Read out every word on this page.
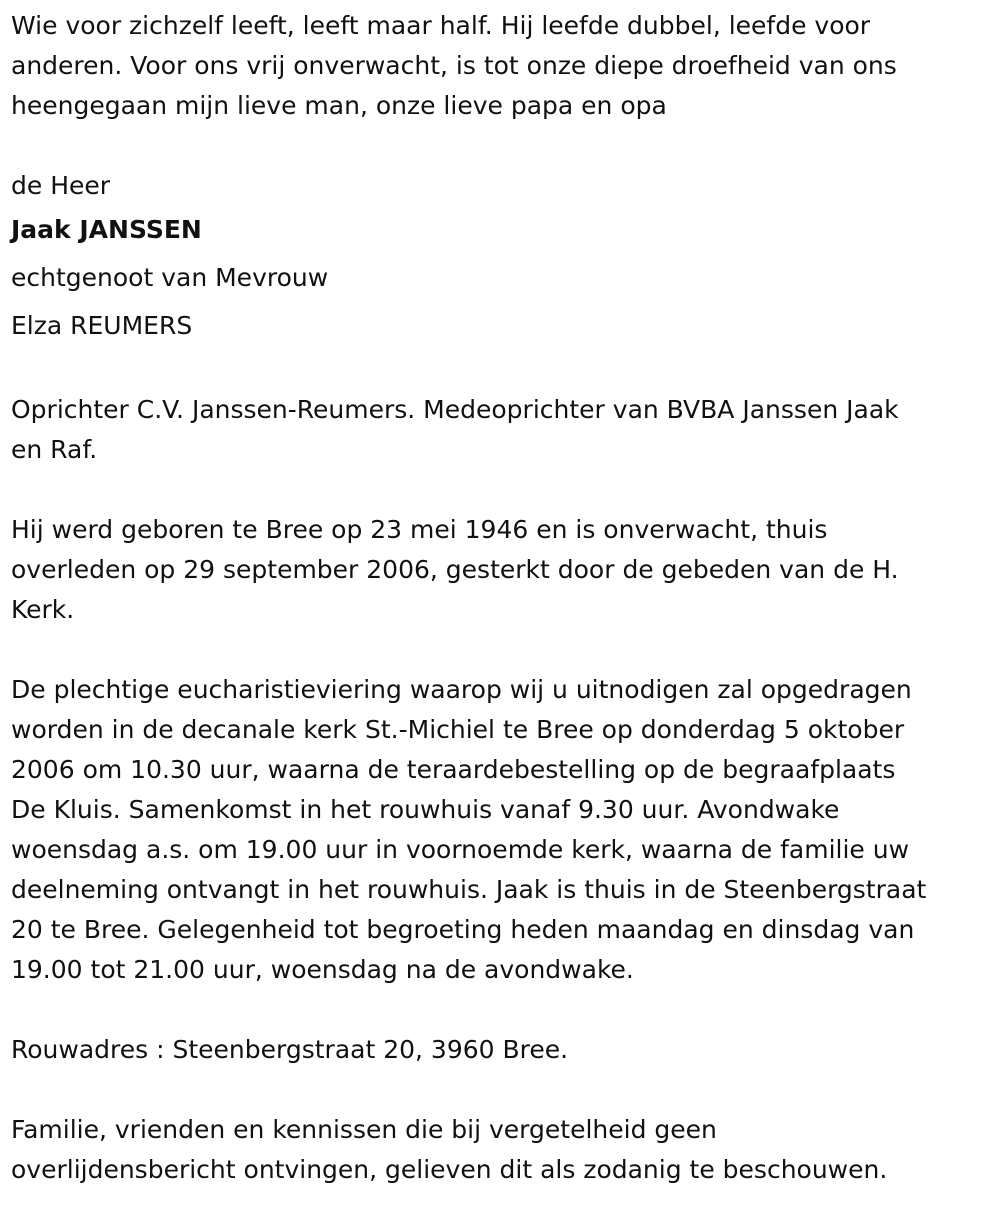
Wie voor zichzelf leeft, leeft maar half. Hij leefde dubbel, leefde voor
anderen. Voor ons vrij onverwacht, is tot onze diepe droefheid van ons
heengegaan mijn lieve man, onze lieve papa en opa

de Heer
Jaak JANSSEN
echtgenoot van Mevrouw
Elza REUMERS

Oprichter C.V. Janssen-Reumers. Medeoprichter van BVBA Janssen Jaak
en Raf.

Hij werd geboren te Bree op 23 mei 1946 en is onverwacht, thuis
overleden op 29 september 2006, gesterkt door de gebeden van de H.
Kerk.

De plechtige eucharistieviering waarop wij u uitnodigen zal opgedragen
worden in de decanale kerk St.-Michiel te Bree op donderdag 5 oktober
2006 om 10.30 uur, waarna de teraardebestelling op de begraafplaats
De Kluis. Samenkomst in het rouwhuis vanaf 9.30 uur. Avondwake
woensdag a.s. om 19.00 uur in voornoemde kerk, waarna de familie uw
deelneming ontvangt in het rouwhuis. Jaak is thuis in de Steenbergstraat
20 te Bree. Gelegenheid tot begroeting heden maandag en dinsdag van
19.00 tot 21.00 uur, woensdag na de avondwake.

Rouwadres : Steenbergstraat 20, 3960 Bree.

Familie, vrienden en kennissen die bij vergetelheid geen
overlijdensbericht ontvingen, gelieven dit als zodanig te beschouwen.
